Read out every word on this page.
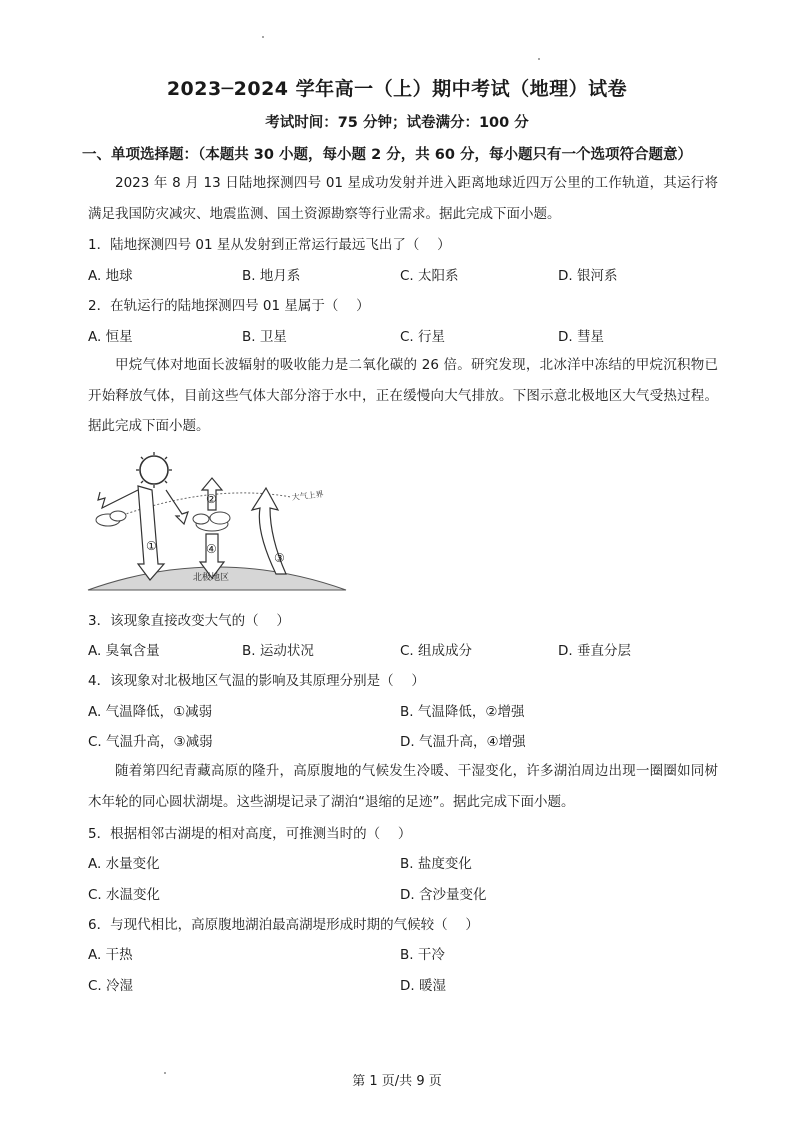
2023─2024 学年高一（上）期中考试（地理）试卷
考试时间：75 分钟；试卷满分：100 分
一、单项选择题：（本题共 30 小题，每小题 2 分，共 60 分，每小题只有一个选项符合题意）
2023 年 8 月 13 日陆地探测四号 01 星成功发射并进入距离地球近四万公里的工作轨道，其运行将满足我国防灾减灾、地震监测、国土资源勘察等行业需求。据此完成下面小题。
1．陆地探测四号 01 星从发射到正常运行最远飞出了（　 ）
A. 地球	B. 地月系	C. 太阳系	D. 银河系
2．在轨运行的陆地探测四号 01 星属于（　 ）
A. 恒星	B. 卫星	C. 行星	D. 彗星
甲烷气体对地面长波辐射的吸收能力是二氧化碳的 26 倍。研究发现，北冰洋中冻结的甲烷沉积物已开始释放气体，目前这些气体大部分溶于水中，正在缓慢向大气排放。下图示意北极地区大气受热过程。据此完成下面小题。
①
②
③
④
大气上界
北极地区
3．该现象直接改变大气的（　 ）
A. 臭氧含量	B. 运动状况	C. 组成成分	D. 垂直分层
4．该现象对北极地区气温的影响及其原理分别是（　 ）
A. 气温降低，①减弱	B. 气温降低，②增强
C. 气温升高，③减弱	D. 气温升高，④增强
随着第四纪青藏高原的隆升，高原腹地的气候发生冷暖、干湿变化，许多湖泊周边出现一圈圈如同树木年轮的同心圆状湖堤。这些湖堤记录了湖泊“退缩的足迹”。据此完成下面小题。
5．根据相邻古湖堤的相对高度，可推测当时的（　 ）
A. 水量变化	B. 盐度变化
C. 水温变化	D. 含沙量变化
6．与现代相比，高原腹地湖泊最高湖堤形成时期的气候较（　 ）
A. 干热	B. 干冷
C. 冷湿	D. 暖湿
第 1 页/共 9 页
